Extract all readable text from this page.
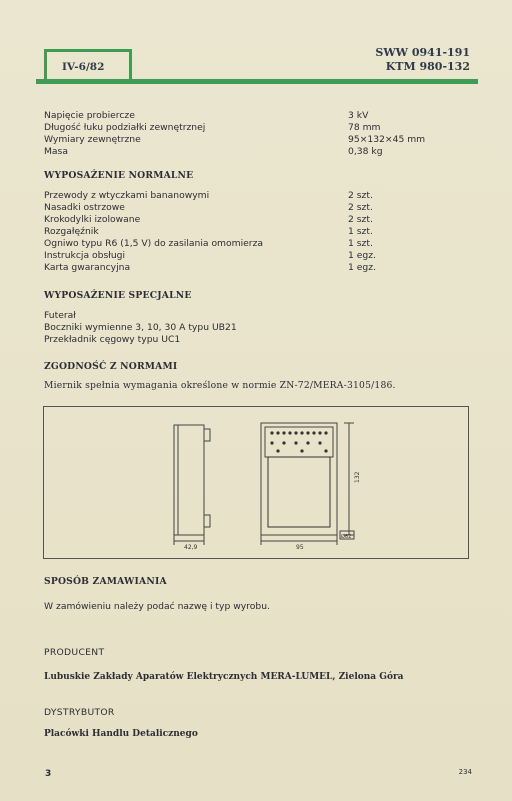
IV-6/82
SWW 0941-191
KTM 980-132
Napięcie probiercze	3 kV
Długość łuku podziałki zewnętrznej	78 mm
Wymiary zewnętrzne	95×132×45 mm
Masa	0,38 kg
WYPOSAŻENIE NORMALNE
Przewody z wtyczkami bananowymi	2 szt.
Nasadki ostrzowe	2 szt.
Krokodylki izolowane	2 szt.
Rozgałęźnik	1 szt.
Ogniwo typu R6 (1,5 V) do zasilania omomierza	1 szt.
Instrukcja obsługi	1 egz.
Karta gwarancyjna	1 egz.
WYPOSAŻENIE SPECJALNE
Futerał
Boczniki wymienne 3, 10, 30 A typu UB21
Przekładnik cęgowy typu UC1
ZGODNOŚĆ Z NORMAMI
Miernik spełnia wymagania określone w normie ZN-72/MERA-3105/186.
42,9	95
132
Ø62
SPOSÓB ZAMAWIANIA
W zamówieniu należy podać nazwę i typ wyrobu.
PRODUCENT
Lubuskie Zakłady Aparatów Elektrycznych MERA-LUMEL, Zielona Góra
DYSTRYBUTOR
Placówki Handlu Detalicznego
3	234
